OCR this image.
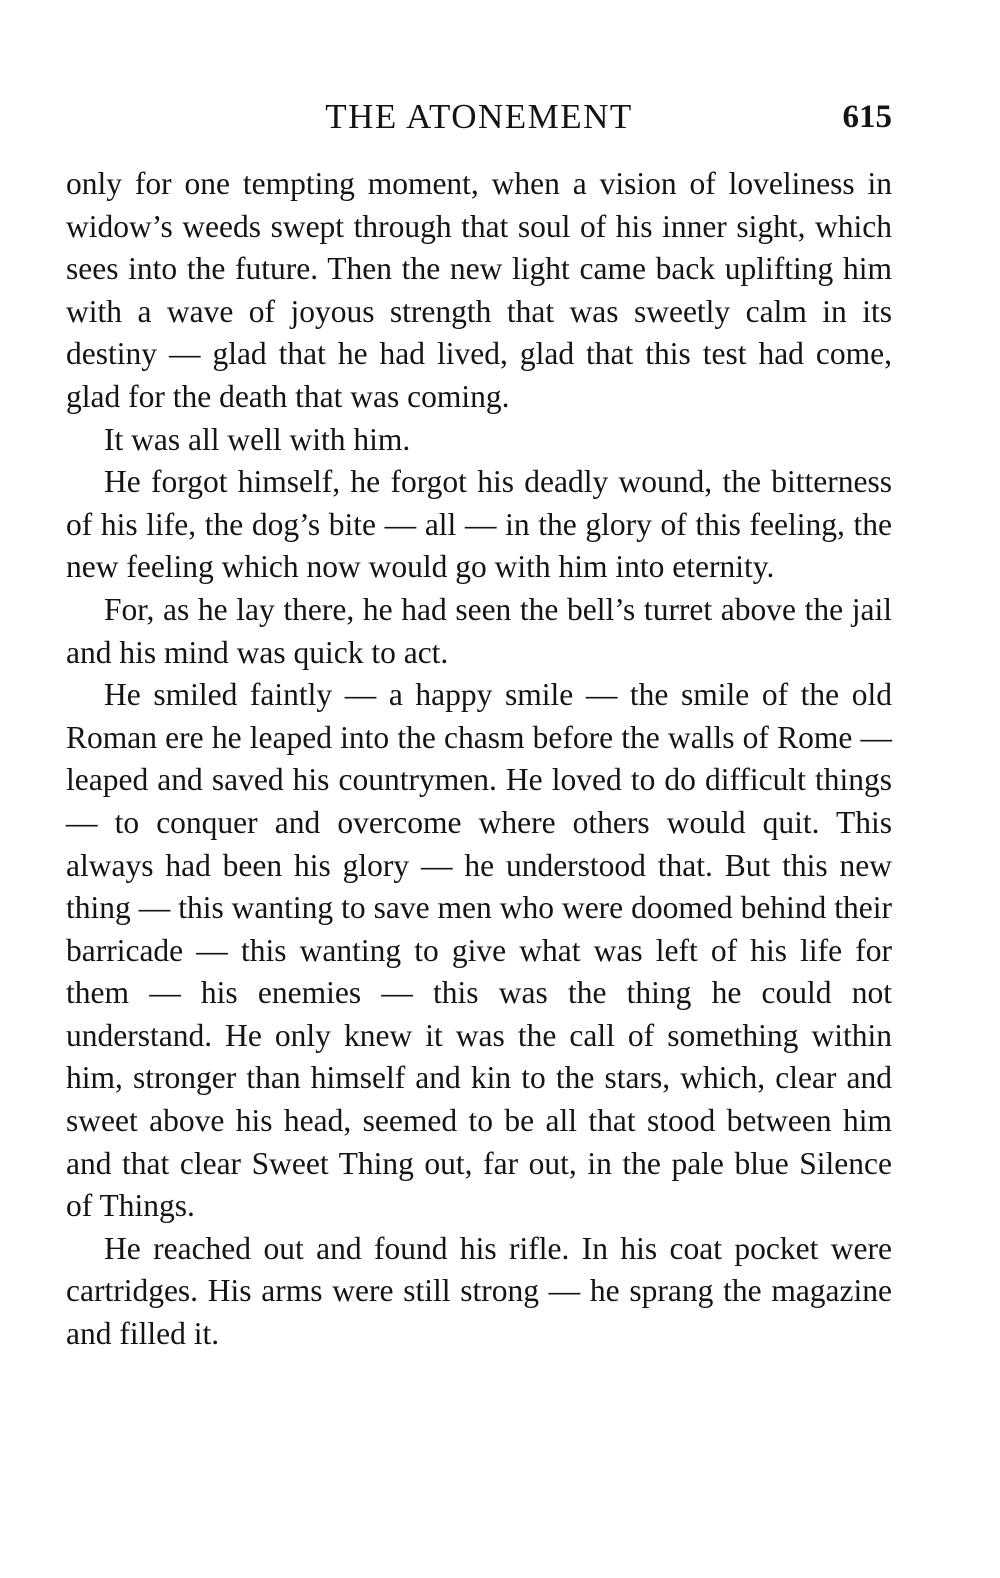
THE ATONEMENT	615

only for one tempting moment, when a vision of loveliness in widow’s weeds swept through that soul of his inner sight, which sees into the future. Then the new light came back uplifting him with a wave of joyous strength that was sweetly calm in its destiny — glad that he had lived, glad that this test had come, glad for the death that was coming.

It was all well with him.

He forgot himself, he forgot his deadly wound, the bitterness of his life, the dog’s bite — all — in the glory of this feeling, the new feeling which now would go with him into eternity.

For, as he lay there, he had seen the bell’s turret above the jail and his mind was quick to act.

He smiled faintly — a happy smile — the smile of the old Roman ere he leaped into the chasm before the walls of Rome — leaped and saved his countrymen. He loved to do difficult things — to conquer and overcome where others would quit. This always had been his glory — he understood that. But this new thing — this wanting to save men who were doomed behind their barricade — this wanting to give what was left of his life for them — his enemies — this was the thing he could not understand. He only knew it was the call of something within him, stronger than himself and kin to the stars, which, clear and sweet above his head, seemed to be all that stood between him and that clear Sweet Thing out, far out, in the pale blue Silence of Things.

He reached out and found his rifle. In his coat pocket were cartridges. His arms were still strong — he sprang the magazine and filled it.
